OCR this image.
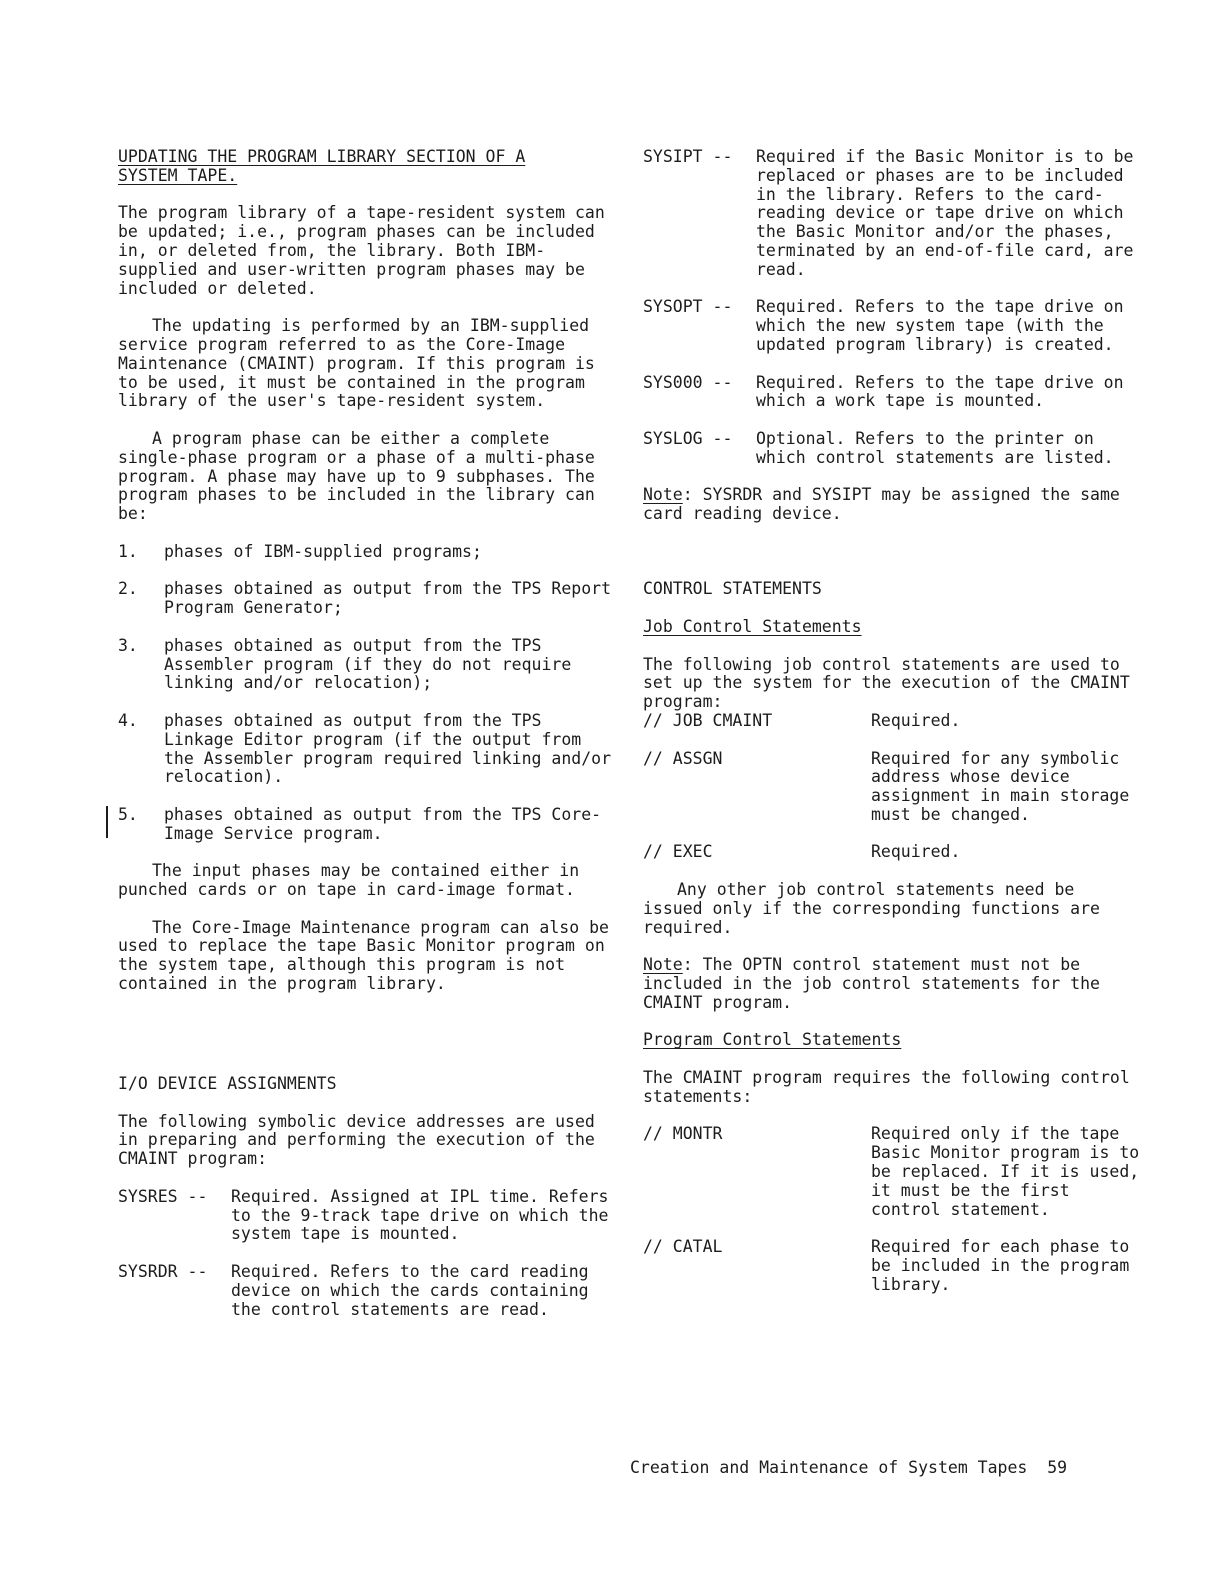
UPDATING THE PROGRAM LIBRARY SECTION OF A
SYSTEM TAPE.

The program library of a tape-resident system can be updated; i.e., program phases can be included in, or deleted from, the library. Both IBM-supplied and user-written program phases may be included or deleted.

The updating is performed by an IBM-supplied service program referred to as the Core-Image Maintenance (CMAINT) program. If this program is to be used, it must be contained in the program library of the user's tape-resident system.

A program phase can be either a complete single-phase program or a phase of a multi-phase program. A phase may have up to 9 subphases. The program phases to be included in the library can be:

1.	phases of IBM-supplied programs;
2.	phases obtained as output from the TPS Report Program Generator;
3.	phases obtained as output from the TPS Assembler program (if they do not require linking and/or relocation);
4.	phases obtained as output from the TPS Linkage Editor program (if the output from the Assembler program required linking and/or relocation).
5.	phases obtained as output from the TPS Core-Image Service program.

The input phases may be contained either in punched cards or on tape in card-image format.

The Core-Image Maintenance program can also be used to replace the tape Basic Monitor program on the system tape, although this program is not contained in the program library.

I/O DEVICE ASSIGNMENTS

The following symbolic device addresses are used in preparing and performing the execution of the CMAINT program:

SYSRES --	Required. Assigned at IPL time. Refers to the 9-track tape drive on which the system tape is mounted.
SYSRDR --	Required. Refers to the card reading device on which the cards containing the control statements are read.
SYSIPT --	Required if the Basic Monitor is to be replaced or phases are to be included in the library. Refers to the card-reading device or tape drive on which the Basic Monitor and/or the phases, terminated by an end-of-file card, are read.
SYSOPT --	Required. Refers to the tape drive on which the new system tape (with the updated program library) is created.
SYS000 --	Required. Refers to the tape drive on which a work tape is mounted.
SYSLOG --	Optional. Refers to the printer on which control statements are listed.

Note: SYSRDR and SYSIPT may be assigned the same card reading device.

CONTROL STATEMENTS
Job Control Statements

The following job control statements are used to set up the system for the execution of the CMAINT program:

// JOB CMAINT	Required.
// ASSGN	Required for any symbolic address whose device assignment in main storage must be changed.
// EXEC	Required.

Any other job control statements need be issued only if the corresponding functions are required.

Note: The OPTN control statement must not be included in the job control statements for the CMAINT program.

Program Control Statements

The CMAINT program requires the following control statements:

// MONTR	Required only if the tape Basic Monitor program is to be replaced. If it is used, it must be the first control statement.
// CATAL	Required for each phase to be included in the program library.
Creation and Maintenance of System Tapes 59
